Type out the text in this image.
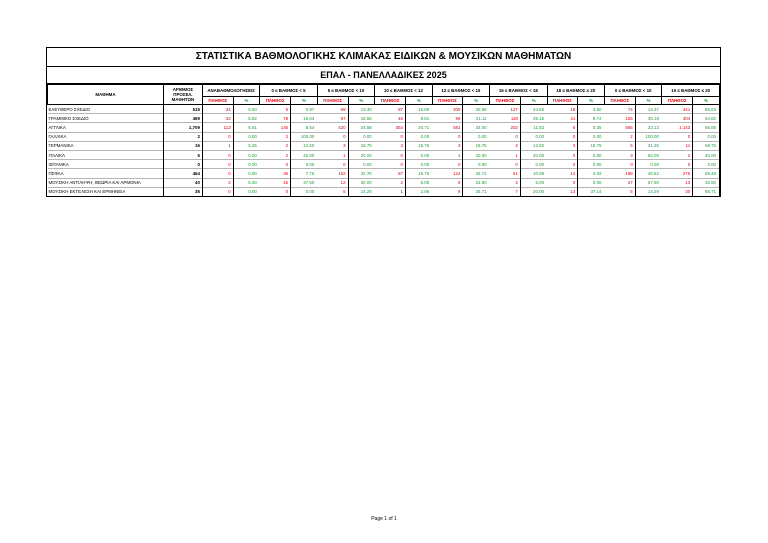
ΣΤΑΤΙΣΤΙΚΑ ΒΑΘΜΟΛΟΓΙΚΗΣ ΚΛΙΜΑΚΑΣ ΕΙΔΙΚΩΝ & ΜΟΥΣΙΚΩΝ ΜΑΘΗΜΑΤΩΝ
ΕΠΑΛ - ΠΑΝΕΛΛΑΔΙΚΕΣ 2025
ΜΑΘΗΜΑ	ΑΡΙΘΜΟΣ ΠΡΟΣΕΛ. ΜΑΘΗΤΩΝ	ΑΝΑΒΑΘΜΟΛΟΓΗΣΕΙΣ		0 ≤ ΒΑΘΜΟΣ < 5		5 ≤ ΒΑΘΜΟΣ < 10		10 ≤ ΒΑΘΜΟΣ < 12		12 ≤ ΒΑΘΜΟΣ < 15		15 ≤ ΒΑΘΜΟΣ < 18		18 ≤ ΒΑΘΜΟΣ ≤ 20		0 ≤ ΒΑΘΜΟΣ < 10		10 ≤ ΒΑΘΜΟΣ ≤ 20	
		ΠΛΗΘΟΣ	%	ΠΛΗΘΟΣ	%	ΠΛΗΘΟΣ	%	ΠΛΗΘΟΣ	%	ΠΛΗΘΟΣ	%	ΠΛΗΘΟΣ	%	ΠΛΗΘΟΣ	%	ΠΛΗΘΟΣ	%	ΠΛΗΘΟΣ	%
ΕΛΕΥΘΕΡΟ ΣΧΕΔΙΟ	515	34	6.60	5	0.97	69	13.40	87	16.89	209	40.58	127	24.66	18	3.50	74	14.37	441	85.63
ΓΡΑΜΜΙΚΟ ΣΧΕΔΙΟ	469	32	6.82	78	16.63	87	18.55	46	9.81	99	21.11	118	25.16	41	8.74	165	35.18	304	64.82
ΑΓΓΛΙΚΑ	1,709	113	6.61	146	8.54	420	24.58	354	20.71	581	34.00	202	11.82	6	0.35	566	33.12	1,143	66.88
ΓΑΛΛΙΚΑ	2	0	0.00	2	100.00	0	0.00	0	0.00	0	0.00	0	0.00	0	0.00	2	100.00	0	0.00
ΓΕΡΜΑΝΙΚΑ	16	1	6.25	2	12.50	3	18.75	3	18.75	3	18.75	2	12.50	3	18.75	5	31.25	11	68.75
ΙΤΑΛΙΚΑ	5	0	0.00	2	40.00	1	20.00	0	0.00	1	20.00	1	20.00	0	0.00	3	60.00	2	40.00
ΙΣΠΑΝΙΚΑ	0	0	0.00	0	0.00	0	0.00	0	0.00	0	0.00	0	0.00	0	0.00	0	0.00	0	0.00
ΠΣΦΑΑ	464	0	0.00	36	7.76	152	32.76	87	18.75	124	26.72	51	10.99	14	3.02	188	40.52	276	59.48
ΜΟΥΣΙΚΗ ΑΝΤΙΛΗΨΗ, ΘΕΩΡΙΑ ΚΑΙ ΑΡΜΟΝΙΑ	40	2	5.00	15	37.50	12	30.00	2	5.00	9	22.50	2	5.00	0	0.00	27	67.50	13	32.50
ΜΟΥΣΙΚΗ ΕΚΤΕΛΕΣΗ ΚΑΙ ΕΡΜΗΝΕΙΑ	35	0	0.00	0	0.00	5	14.29	1	2.86	9	25.71	7	20.00	13	37.14	5	14.29	30	85.71
Page 1 of 1
